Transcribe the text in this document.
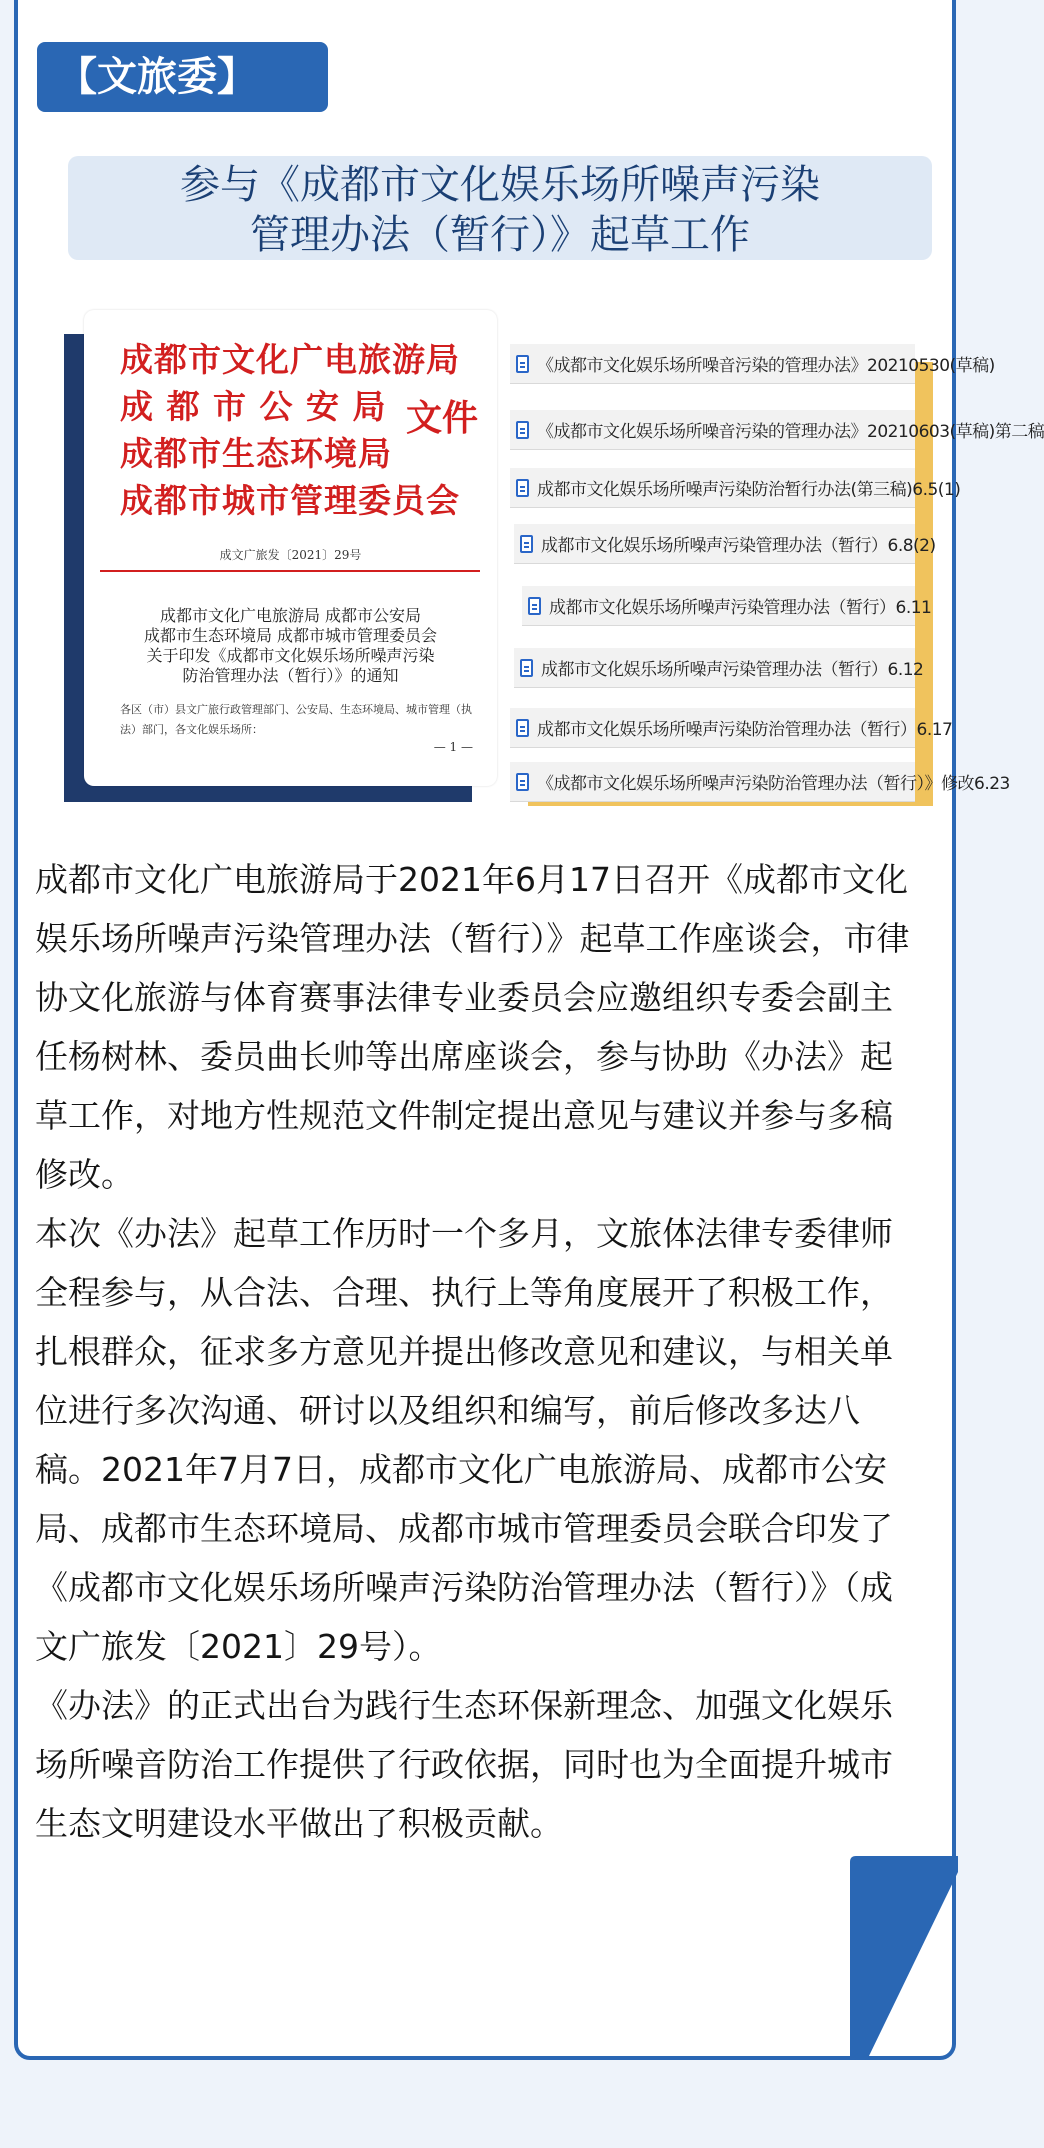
【文旅委】
参与《成都市文化娱乐场所噪声污染
管理办法（暂行）》起草工作
成都市文化广电旅游局
成 都 市 公 安 局
成都市生态环境局
成都市城市管理委员会
文件
成文广旅发〔2021〕29号
成都市文化广电旅游局 成都市公安局
成都市生态环境局 成都市城市管理委员会
关于印发《成都市文化娱乐场所噪声污染
防治管理办法（暂行）》的通知
各区（市）县文广旅行政管理部门、公安局、生态环境局、城市管理（执法）部门，各文化娱乐场所：
— 1 —
《成都市文化娱乐场所噪音污染的管理办法》20210530(草稿)
《成都市文化娱乐场所噪音污染的管理办法》20210603(草稿)第二稿
成都市文化娱乐场所噪声污染防治暂行办法(第三稿)6.5(1)
成都市文化娱乐场所噪声污染管理办法（暂行）6.8(2)
成都市文化娱乐场所噪声污染管理办法（暂行）6.11
成都市文化娱乐场所噪声污染管理办法（暂行）6.12
成都市文化娱乐场所噪声污染防治管理办法（暂行）6.17
《成都市文化娱乐场所噪声污染防治管理办法（暂行）》修改6.23

成都市文化广电旅游局于2021年6月17日召开《成都市文化娱乐场所噪声污染管理办法（暂行）》起草工作座谈会，市律协文化旅游与体育赛事法律专业委员会应邀组织专委会副主任杨树林、委员曲长帅等出席座谈会，参与协助《办法》起草工作，对地方性规范文件制定提出意见与建议并参与多稿修改。

本次《办法》起草工作历时一个多月，文旅体法律专委律师全程参与，从合法、合理、执行上等角度展开了积极工作，扎根群众，征求多方意见并提出修改意见和建议，与相关单位进行多次沟通、研讨以及组织和编写，前后修改多达八稿。2021年7月7日，成都市文化广电旅游局、成都市公安局、成都市生态环境局、成都市城市管理委员会联合印发了《成都市文化娱乐场所噪声污染防治管理办法（暂行）》（成文广旅发〔2021〕29号）。

《办法》的正式出台为践行生态环保新理念、加强文化娱乐场所噪音防治工作提供了行政依据，同时也为全面提升城市生态文明建设水平做出了积极贡献。
